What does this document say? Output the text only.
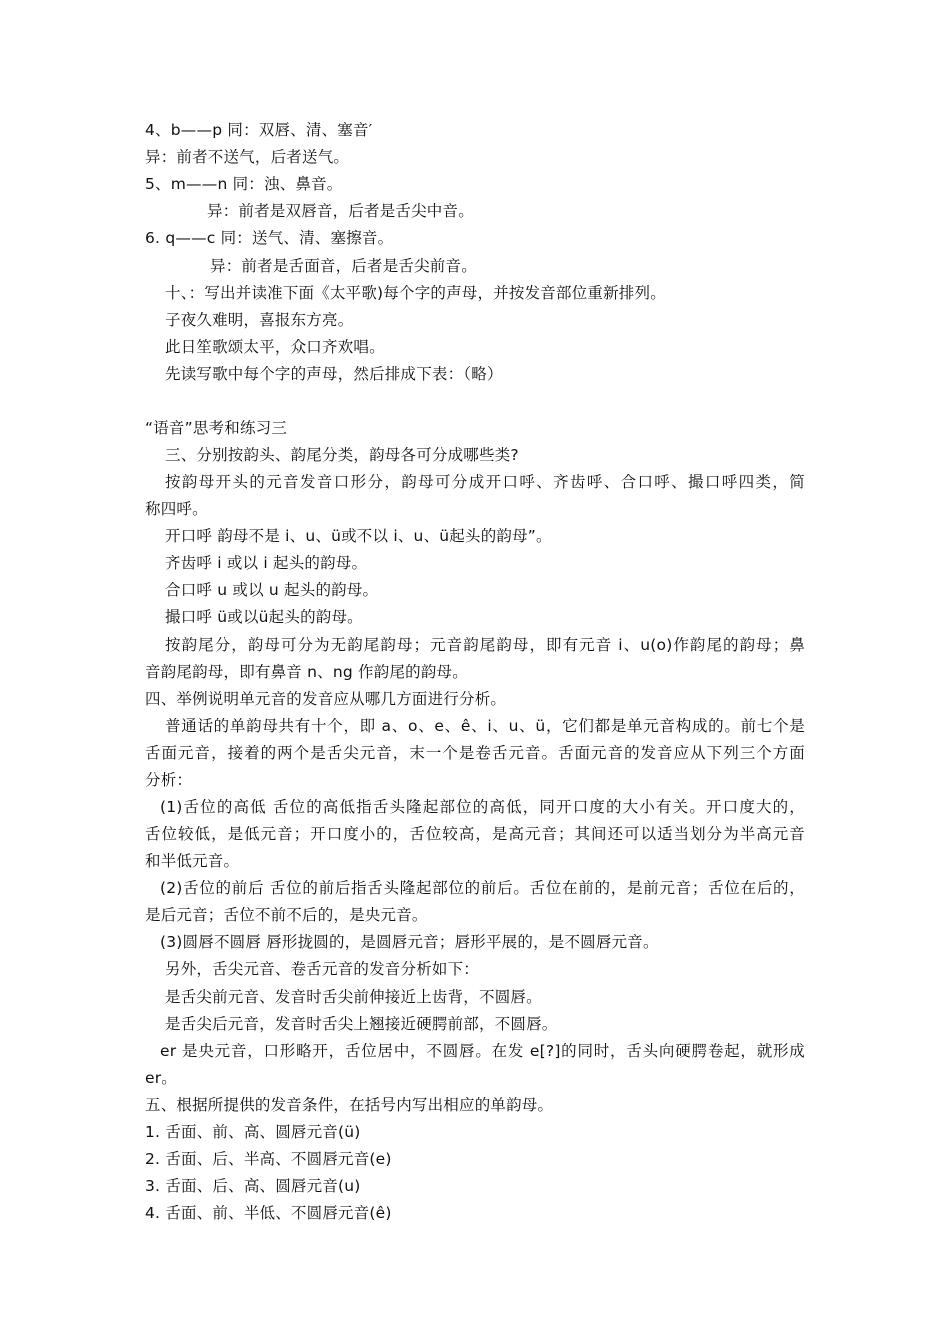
4、b——p 同：双唇、清、塞音′
异：前者不送气，后者送气。
5、m——n 同：浊、鼻音。
异：前者是双唇音，后者是舌尖中音。
6. q——c 同：送气、清、塞擦音。
异：前者是舌面音，后者是舌尖前音。
十、：写出并读准下面《太平歌)每个字的声母，并按发音部位重新排列。
子夜久难明，喜报东方亮。
此日笙歌颂太平，众口齐欢唱。
先读写歌中每个字的声母，然后排成下表：（略）
“语音”思考和练习三
三、分别按韵头、韵尾分类，韵母各可分成哪些类?
按韵母开头的元音发音口形分，韵母可分成开口呼、齐齿呼、合口呼、撮口呼四类，简
称四呼。
开口呼 韵母不是 i、u、ü或不以 i、u、ü起头的韵母”。
齐齿呼 i 或以 i 起头的韵母。
合口呼 u 或以 u 起头的韵母。
撮口呼 ü或以ü起头的韵母。
按韵尾分，韵母可分为无韵尾韵母；元音韵尾韵母，即有元音 i、u(o)作韵尾的韵母；鼻
音韵尾韵母，即有鼻音 n、ng 作韵尾的韵母。
四、举例说明单元音的发音应从哪几方面进行分析。
普通话的单韵母共有十个，即 a、o、e、ê、i、u、ü，它们都是单元音构成的。前七个是
舌面元音，接着的两个是舌尖元音，末一个是卷舌元音。舌面元音的发音应从下列三个方面
分析：
(1)舌位的高低 舌位的高低指舌头隆起部位的高低，同开口度的大小有关。开口度大的，
舌位较低，是低元音；开口度小的，舌位较高，是高元音；其间还可以适当划分为半高元音
和半低元音。
(2)舌位的前后 舌位的前后指舌头隆起部位的前后。舌位在前的，是前元音；舌位在后的，
是后元音；舌位不前不后的，是央元音。
(3)圆唇不圆唇 唇形拢圆的，是圆唇元音；唇形平展的，是不圆唇元音。
另外，舌尖元音、卷舌元音的发音分析如下：
是舌尖前元音、发音时舌尖前伸接近上齿背，不圆唇。
是舌尖后元音，发音时舌尖上翘接近硬腭前部，不圆唇。
er 是央元音，口形略开，舌位居中，不圆唇。在发 e[?]的同时，舌头向硬腭卷起，就形成
er。
五、根据所提供的发音条件，在括号内写出相应的单韵母。
1. 舌面、前、高、圆唇元音(ü)
2. 舌面、后、半高、不圆唇元音(e)
3. 舌面、后、高、圆唇元音(u)
4. 舌面、前、半低、不圆唇元音(ê)
